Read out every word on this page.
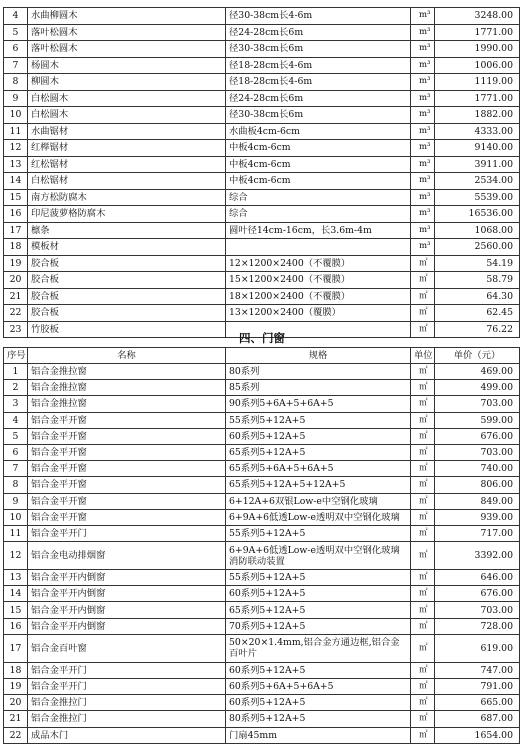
4	水曲柳圆木	径30-38cm长4-6m	m³	3248.00
5	落叶松圆木	径24-28cm长6m	m³	1771.00
6	落叶松圆木	径30-38cm长6m	m³	1990.00
7	杨圆木	径18-28cm长4-6m	m³	1006.00
8	柳圆木	径18-28cm长4-6m	m³	1119.00
9	白松圆木	径24-28cm长6m	m³	1771.00
10	白松圆木	径30-38cm长6m	m³	1882.00
11	水曲锯材	水曲板4cm-6cm	m³	4333.00
12	红榉锯材	中板4cm-6cm	m³	9140.00
13	红松锯材	中板4cm-6cm	m³	3911.00
14	白松锯材	中板4cm-6cm	m³	2534.00
15	南方松防腐木	综合	m³	5539.00
16	印尼菠萝格防腐木	综合	m³	16536.00
17	檩条	圆叶径14cm-16cm，长3.6m-4m	m³	1068.00
18	模板材		m³	2560.00
19	胶合板	12×1200×2400（不覆膜）	㎡	54.19
20	胶合板	15×1200×2400（不覆膜）	㎡	58.79
21	胶合板	18×1200×2400（不覆膜）	㎡	64.30
22	胶合板	13×1200×2400（覆膜）	㎡	62.45
23	竹胶板		㎡	76.22
四、门窗
序号	名称	规格	单位	单价（元）
1	铝合金推拉窗	80系列	㎡	469.00
2	铝合金推拉窗	85系列	㎡	499.00
3	铝合金推拉窗	90系列5+6A+5+6A+5	㎡	703.00
4	铝合金平开窗	55系列5+12A+5	㎡	599.00
5	铝合金平开窗	60系列5+12A+5	㎡	676.00
6	铝合金平开窗	65系列5+12A+5	㎡	703.00
7	铝合金平开窗	65系列5+6A+5+6A+5	㎡	740.00
8	铝合金平开窗	65系列5+12A+5+12A+5	㎡	806.00
9	铝合金平开窗	6+12A+6双银Low-e中空钢化玻璃	㎡	849.00
10	铝合金平开窗	6+9A+6低透Low-e透明双中空钢化玻璃	㎡	939.00
11	铝合金平开门	55系列5+12A+5	㎡	717.00
12	铝合金电动排烟窗	6+9A+6低透Low-e透明双中空钢化玻璃 消防联动装置	㎡	3392.00
13	铝合金平开内倒窗	55系列5+12A+5	㎡	646.00
14	铝合金平开内倒窗	60系列5+12A+5	㎡	676.00
15	铝合金平开内倒窗	65系列5+12A+5	㎡	703.00
16	铝合金平开内倒窗	70系列5+12A+5	㎡	728.00
17	铝合金百叶窗	50×20×1.4mm,铝合金方通边框,铝合金百叶片	㎡	619.00
18	铝合金平开门	60系列5+12A+5	㎡	747.00
19	铝合金平开门	60系列5+6A+5+6A+5	㎡	791.00
20	铝合金推拉门	60系列5+12A+5	㎡	665.00
21	铝合金推拉门	80系列5+12A+5	㎡	687.00
22	成品木门	门扇45mm	㎡	1654.00
